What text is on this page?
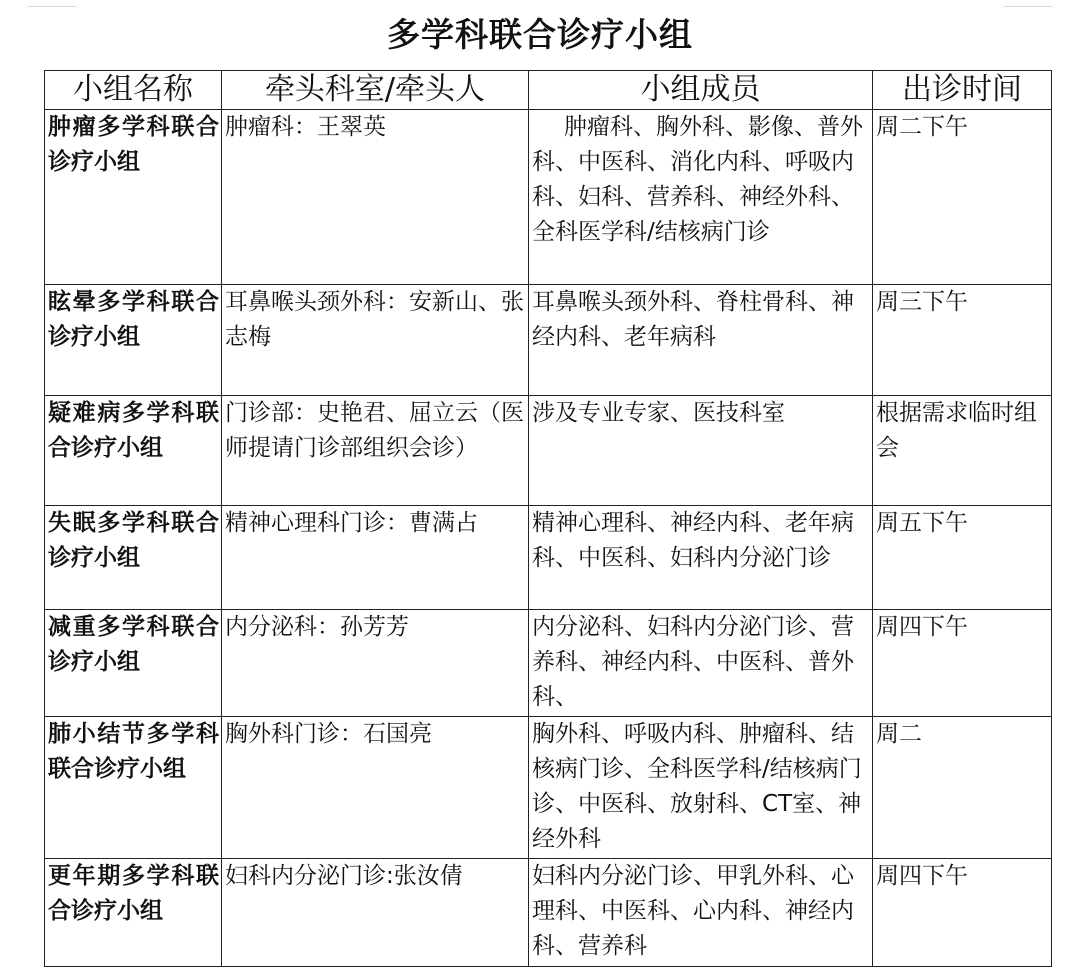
多学科联合诊疗小组
小组名称	牵头科室/牵头人	小组成员	出诊时间
肿瘤多学科联合诊疗小组	肿瘤科：王翠英	肿瘤科、胸外科、影像、普外科、中医科、消化内科、呼吸内科、妇科、营养科、神经外科、全科医学科/结核病门诊	周二下午
眩晕多学科联合诊疗小组	耳鼻喉头颈外科：安新山、张志梅	耳鼻喉头颈外科、脊柱骨科、神经内科、老年病科	周三下午
疑难病多学科联合诊疗小组	门诊部：史艳君、屈立云（医师提请门诊部组织会诊）	涉及专业专家、医技科室	根据需求临时组会
失眠多学科联合诊疗小组	精神心理科门诊：曹满占	精神心理科、神经内科、老年病科、中医科、妇科内分泌门诊	周五下午
减重多学科联合诊疗小组	内分泌科：孙芳芳	内分泌科、妇科内分泌门诊、营养科、神经内科、中医科、普外科、	周四下午
肺小结节多学科联合诊疗小组	胸外科门诊：石国亮	胸外科、呼吸内科、肿瘤科、结核病门诊、全科医学科/结核病门诊、中医科、放射科、CT室、神经外科	周二
更年期多学科联合诊疗小组	妇科内分泌门诊:张汝倩	妇科内分泌门诊、甲乳外科、心理科、中医科、心内科、神经内科、营养科	周四下午
